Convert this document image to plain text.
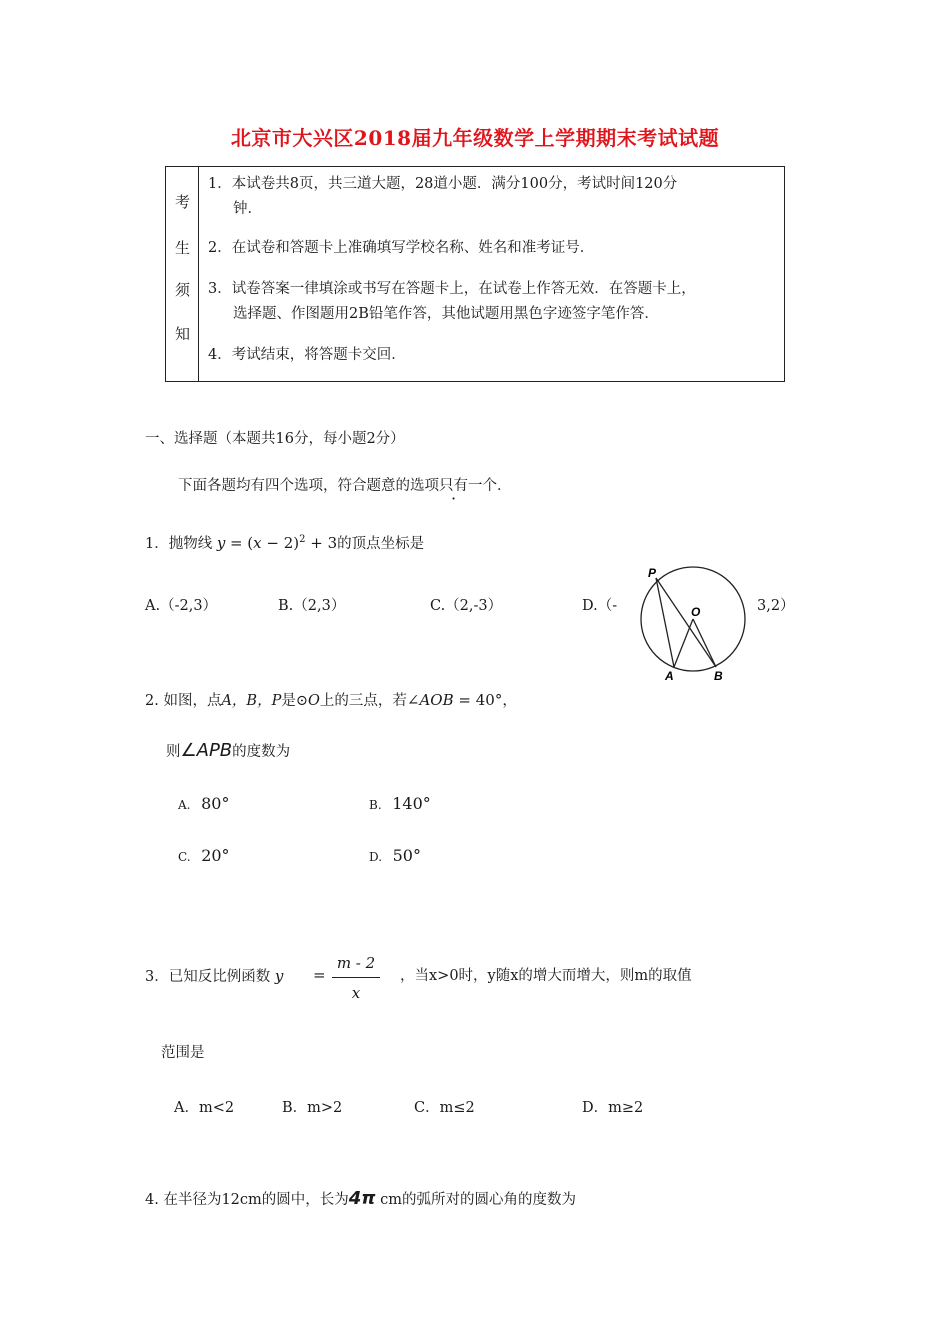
北京市大兴区2018届九年级数学上学期期末考试试题
考
生
须
知
1．本试卷共8页，共三道大题，28道小题．满分100分，考试时间120分
钟．
2．在试卷和答题卡上准确填写学校名称、姓名和准考证号．
3．试卷答案一律填涂或书写在答题卡上，在试卷上作答无效．在答题卡上，
选择题、作图题用2B铅笔作答，其他试题用黑色字迹签字笔作答．
4．考试结束，将答题卡交回．
一、选择题（本题共16分，每小题2分）
下面各题均有四个选项，符合题意的选项只有一个．
1．抛物线 $y = (x - 2)^2 + 3$的顶点坐标是
A.（-2,3）	B.（2,3）	C.（2,-3）	D.（-	3,2）
P
O
A	B
2. 如图，点A，B，P是⊙O上的三点，若∠AOB = 40°，
则∠APB的度数为
A. 80°	B. 140°
C. 20°	D. 50°
3．已知反比例函数 y =
m - 2
x
，当x>0时，y随x的增大而增大，则m的取值
范围是
A．m<2	B．m>2	C．m≤2	D．m≥2
4. 在半径为12cm的圆中，长为4π cm的弧所对的圆心角的度数为
